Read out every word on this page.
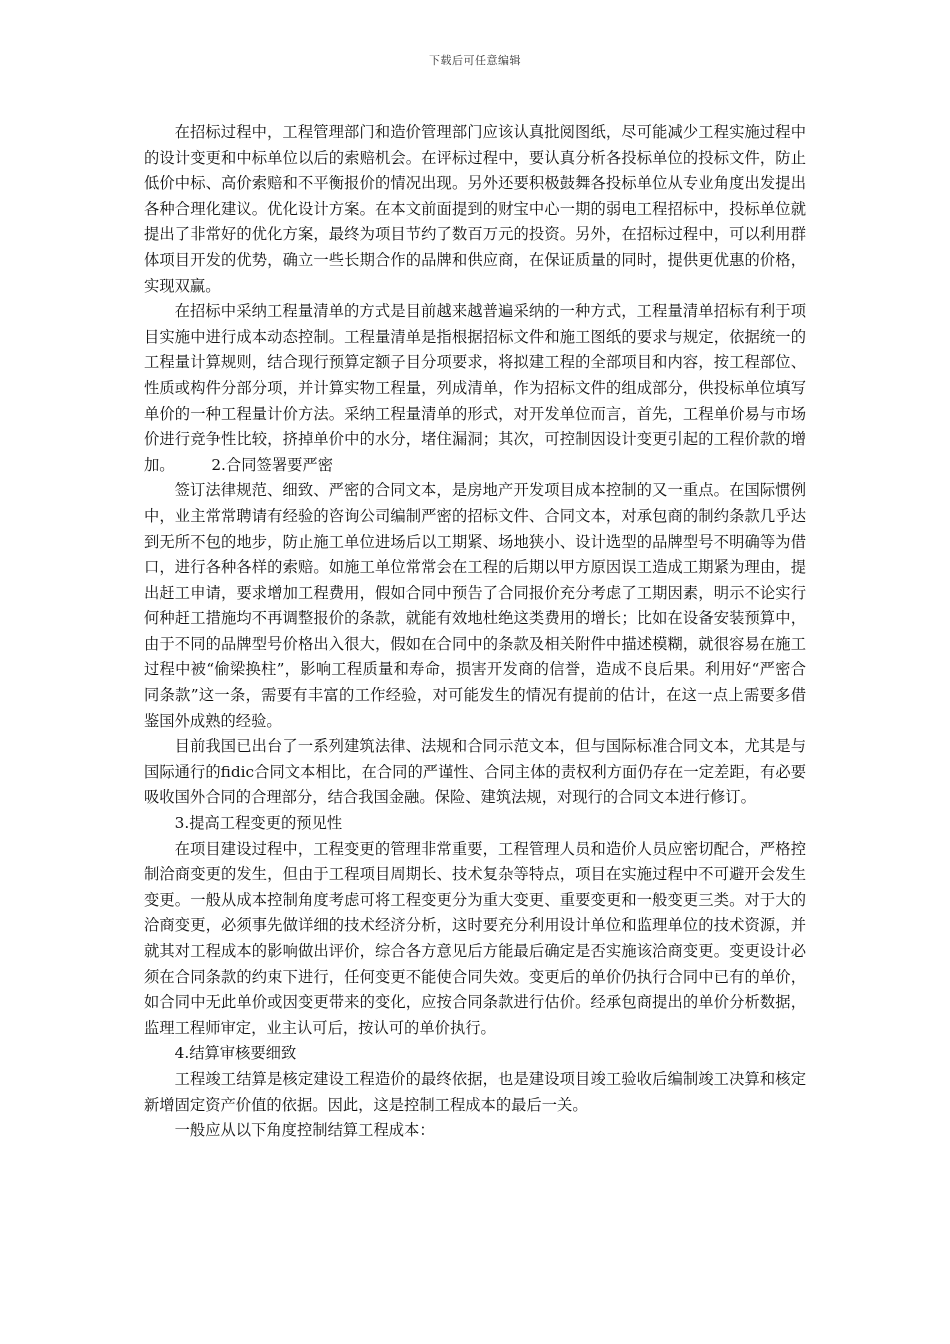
下载后可任意编辑

在招标过程中，工程管理部门和造价管理部门应该认真批阅图纸，尽可能减少工程实施过程中的设计变更和中标单位以后的索赔机会。在评标过程中，要认真分析各投标单位的投标文件，防止低价中标、高价索赔和不平衡报价的情况出现。另外还要积极鼓舞各投标单位从专业角度出发提出各种合理化建议。优化设计方案。在本文前面提到的财宝中心一期的弱电工程招标中，投标单位就提出了非常好的优化方案，最终为项目节约了数百万元的投资。另外，在招标过程中，可以利用群体项目开发的优势，确立一些长期合作的品牌和供应商，在保证质量的同时，提供更优惠的价格，实现双赢。

在招标中采纳工程量清单的方式是目前越来越普遍采纳的一种方式，工程量清单招标有利于项目实施中进行成本动态控制。工程量清单是指根据招标文件和施工图纸的要求与规定，依据统一的工程量计算规则，结合现行预算定额子目分项要求，将拟建工程的全部项目和内容，按工程部位、性质或构件分部分项，并计算实物工程量，列成清单，作为招标文件的组成部分，供投标单位填写单价的一种工程量计价方法。采纳工程量清单的形式，对开发单位而言，首先，工程单价易与市场价进行竞争性比较，挤掉单价中的水分，堵住漏洞；其次，可控制因设计变更引起的工程价款的增加。 2.合同签署要严密

签订法律规范、细致、严密的合同文本，是房地产开发项目成本控制的又一重点。在国际惯例中，业主常常聘请有经验的咨询公司编制严密的招标文件、合同文本，对承包商的制约条款几乎达到无所不包的地步，防止施工单位进场后以工期紧、场地狭小、设计选型的品牌型号不明确等为借口，进行各种各样的索赔。如施工单位常常会在工程的后期以甲方原因误工造成工期紧为理由，提出赶工申请，要求增加工程费用，假如合同中预告了合同报价充分考虑了工期因素，明示不论实行何种赶工措施均不再调整报价的条款，就能有效地杜绝这类费用的增长；比如在设备安装预算中，由于不同的品牌型号价格出入很大，假如在合同中的条款及相关附件中描述模糊，就很容易在施工过程中被“偷梁换柱”，影响工程质量和寿命，损害开发商的信誉，造成不良后果。利用好“严密合同条款”这一条，需要有丰富的工作经验，对可能发生的情况有提前的估计，在这一点上需要多借鉴国外成熟的经验。

目前我国已出台了一系列建筑法律、法规和合同示范文本，但与国际标准合同文本，尤其是与国际通行的fidic合同文本相比，在合同的严谨性、合同主体的责权利方面仍存在一定差距，有必要吸收国外合同的合理部分，结合我国金融。保险、建筑法规，对现行的合同文本进行修订。

3.提高工程变更的预见性

在项目建设过程中，工程变更的管理非常重要，工程管理人员和造价人员应密切配合，严格控制洽商变更的发生，但由于工程项目周期长、技术复杂等特点，项目在实施过程中不可避开会发生变更。一般从成本控制角度考虑可将工程变更分为重大变更、重要变更和一般变更三类。对于大的洽商变更，必须事先做详细的技术经济分析，这时要充分利用设计单位和监理单位的技术资源，并就其对工程成本的影响做出评价，综合各方意见后方能最后确定是否实施该洽商变更。变更设计必须在合同条款的约束下进行，任何变更不能使合同失效。变更后的单价仍执行合同中已有的单价，如合同中无此单价或因变更带来的变化，应按合同条款进行估价。经承包商提出的单价分析数据，监理工程师审定，业主认可后，按认可的单价执行。

4.结算审核要细致

工程竣工结算是核定建设工程造价的最终依据，也是建设项目竣工验收后编制竣工决算和核定新增固定资产价值的依据。因此，这是控制工程成本的最后一关。

一般应从以下角度控制结算工程成本：
